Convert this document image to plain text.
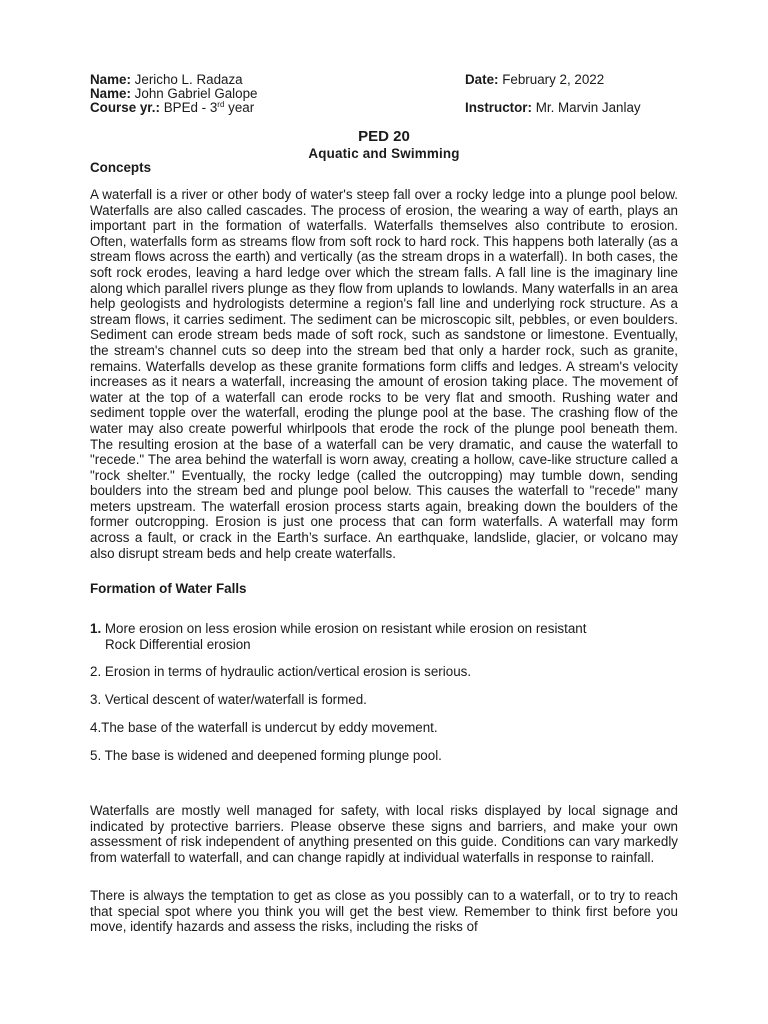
Name: Jericho L. Radaza
Name: John Gabriel Galope
Course yr.: BPEd - 3rd year
Date: February 2, 2022
Instructor: Mr. Marvin Janlay
PED 20
Aquatic and Swimming
Concepts

A waterfall is a river or other body of water's steep fall over a rocky ledge into a plunge pool below. Waterfalls are also called cascades. The process of erosion, the wearing a way of earth, plays an important part in the formation of waterfalls. Waterfalls themselves also contribute to erosion. Often, waterfalls form as streams flow from soft rock to hard rock. This happens both laterally (as a stream flows across the earth) and vertically (as the stream drops in a waterfall). In both cases, the soft rock erodes, leaving a hard ledge over which the stream falls. A fall line is the imaginary line along which parallel rivers plunge as they flow from uplands to lowlands. Many waterfalls in an area help geologists and hydrologists determine a region's fall line and underlying rock structure. As a stream flows, it carries sediment. The sediment can be microscopic silt, pebbles, or even boulders. Sediment can erode stream beds made of soft rock, such as sandstone or limestone. Eventually, the stream's channel cuts so deep into the stream bed that only a harder rock, such as granite, remains. Waterfalls develop as these granite formations form cliffs and ledges. A stream's velocity increases as it nears a waterfall, increasing the amount of erosion taking place. The movement of water at the top of a waterfall can erode rocks to be very flat and smooth. Rushing water and sediment topple over the waterfall, eroding the plunge pool at the base. The crashing flow of the water may also create powerful whirlpools that erode the rock of the plunge pool beneath them. The resulting erosion at the base of a waterfall can be very dramatic, and cause the waterfall to "recede." The area behind the waterfall is worn away, creating a hollow, cave-like structure called a "rock shelter." Eventually, the rocky ledge (called the outcropping) may tumble down, sending boulders into the stream bed and plunge pool below. This causes the waterfall to "recede" many meters upstream. The waterfall erosion process starts again, breaking down the boulders of the former outcropping. Erosion is just one process that can form waterfalls. A waterfall may form across a fault, or crack in the Earth’s surface. An earthquake, landslide, glacier, or volcano may also disrupt stream beds and help create waterfalls.

Formation of Water Falls
1. More erosion on less erosion while erosion on resistant while erosion on resistant
Rock Differential erosion
2. Erosion in terms of hydraulic action/vertical erosion is serious.
3. Vertical descent of water/waterfall is formed.
4.The base of the waterfall is undercut by eddy movement.
5. The base is widened and deepened forming plunge pool.

Waterfalls are mostly well managed for safety, with local risks displayed by local signage and indicated by protective barriers. Please observe these signs and barriers, and make your own assessment of risk independent of anything presented on this guide. Conditions can vary markedly from waterfall to waterfall, and can change rapidly at individual waterfalls in response to rainfall.

There is always the temptation to get as close as you possibly can to a waterfall, or to try to reach that special spot where you think you will get the best view. Remember to think first before you move, identify hazards and assess the risks, including the risks of
